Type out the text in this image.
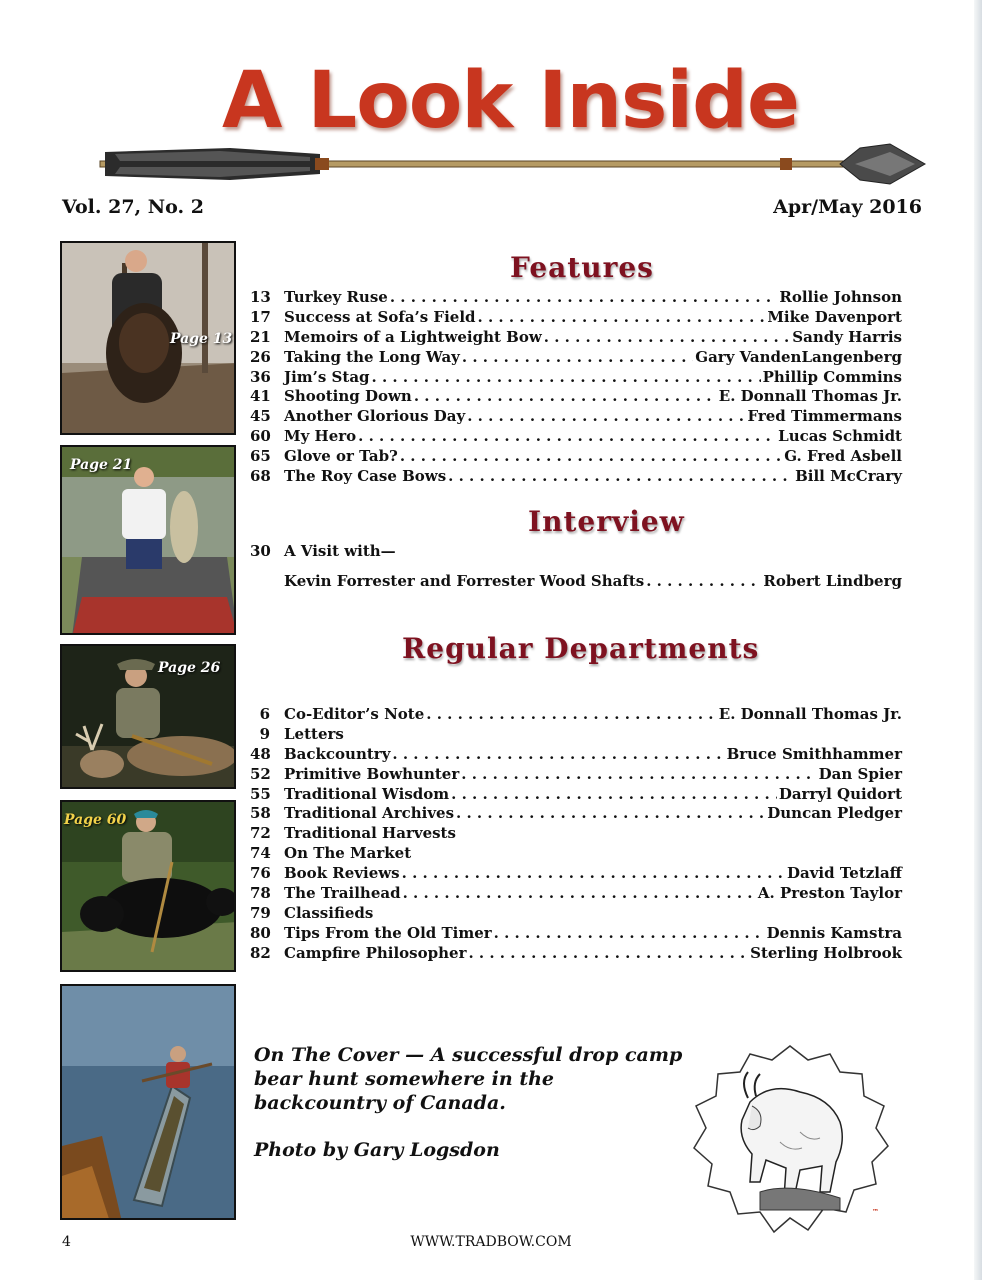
A Look Inside
Vol. 27, No. 2	Apr/May 2016
Page 13
Page 21
Page 26
Page 60
Features
13 Turkey Ruse . . .	Rollie Johnson
17 Success at Sofa’s Field . . .	Mike Davenport
21 Memoirs of a Lightweight Bow . . .	Sandy Harris
26 Taking the Long Way . . .	Gary VandenLangenberg
36 Jim’s Stag . . .	Phillip Commins
41 Shooting Down . . .	E. Donnall Thomas Jr.
45 Another Glorious Day . . .	Fred Timmermans
60 My Hero . . .	Lucas Schmidt
65 Glove or Tab? . . .	G. Fred Asbell
68 The Roy Case Bows . . .	Bill McCrary
Interview
30 A Visit with—
Kevin Forrester and Forrester Wood Shafts . . .	Robert Lindberg
Regular Departments
6 Co-Editor’s Note . . .	E. Donnall Thomas Jr.
9 Letters
48 Backcountry . . .	Bruce Smithhammer
52 Primitive Bowhunter . . .	Dan Spier
55 Traditional Wisdom . . .	Darryl Quidort
58 Traditional Archives . . .	Duncan Pledger
72 Traditional Harvests
74 On The Market
76 Book Reviews . . .	David Tetzlaff
78 The Trailhead . . .	A. Preston Taylor
79 Classifieds
80 Tips From the Old Timer . . .	Dennis Kamstra
82 Campfire Philosopher . . .	Sterling Holbrook
On The Cover — A successful drop camp bear hunt somewhere in the backcountry of Canada.
Photo by Gary Logsdon
™
4	WWW.TRADBOW.COM
